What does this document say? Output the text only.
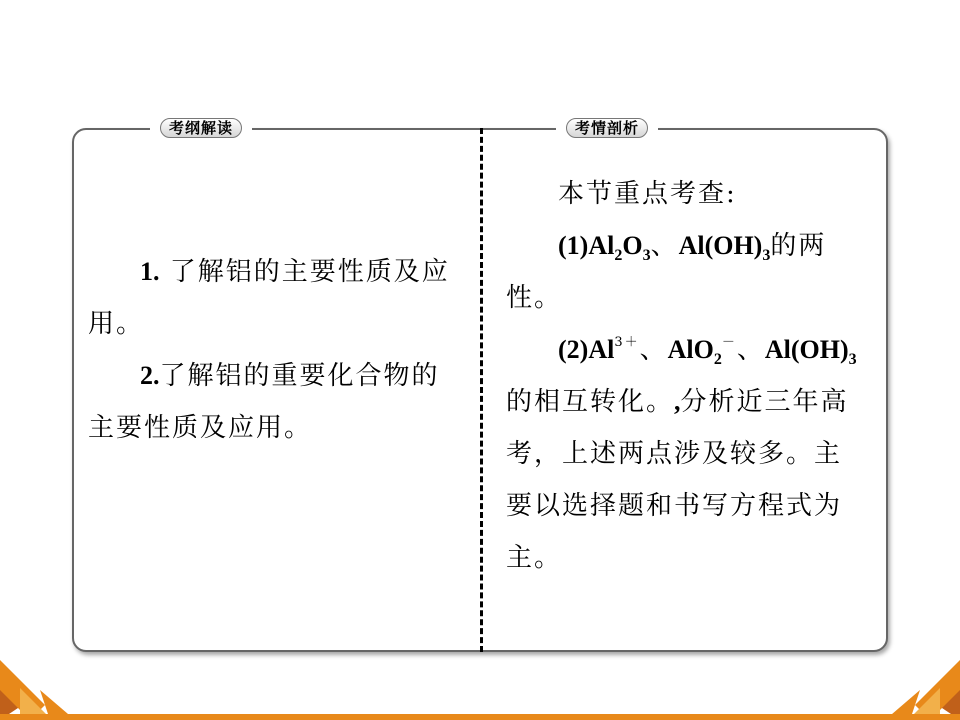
考纲解读	考情剖析

1. 了解铝的主要性质及应用。

2.了解铝的重要化合物的主要性质及应用。

本节重点考查:

$(1)Al_2O_3$、$Al(OH)_3$的两性。

$(2)Al^{3+}$、AlO$_2$－、$Al(OH)_3$的相互转化。,分析近三年高考，上述两点涉及较多。主要以选择题和书写方程式为主。
